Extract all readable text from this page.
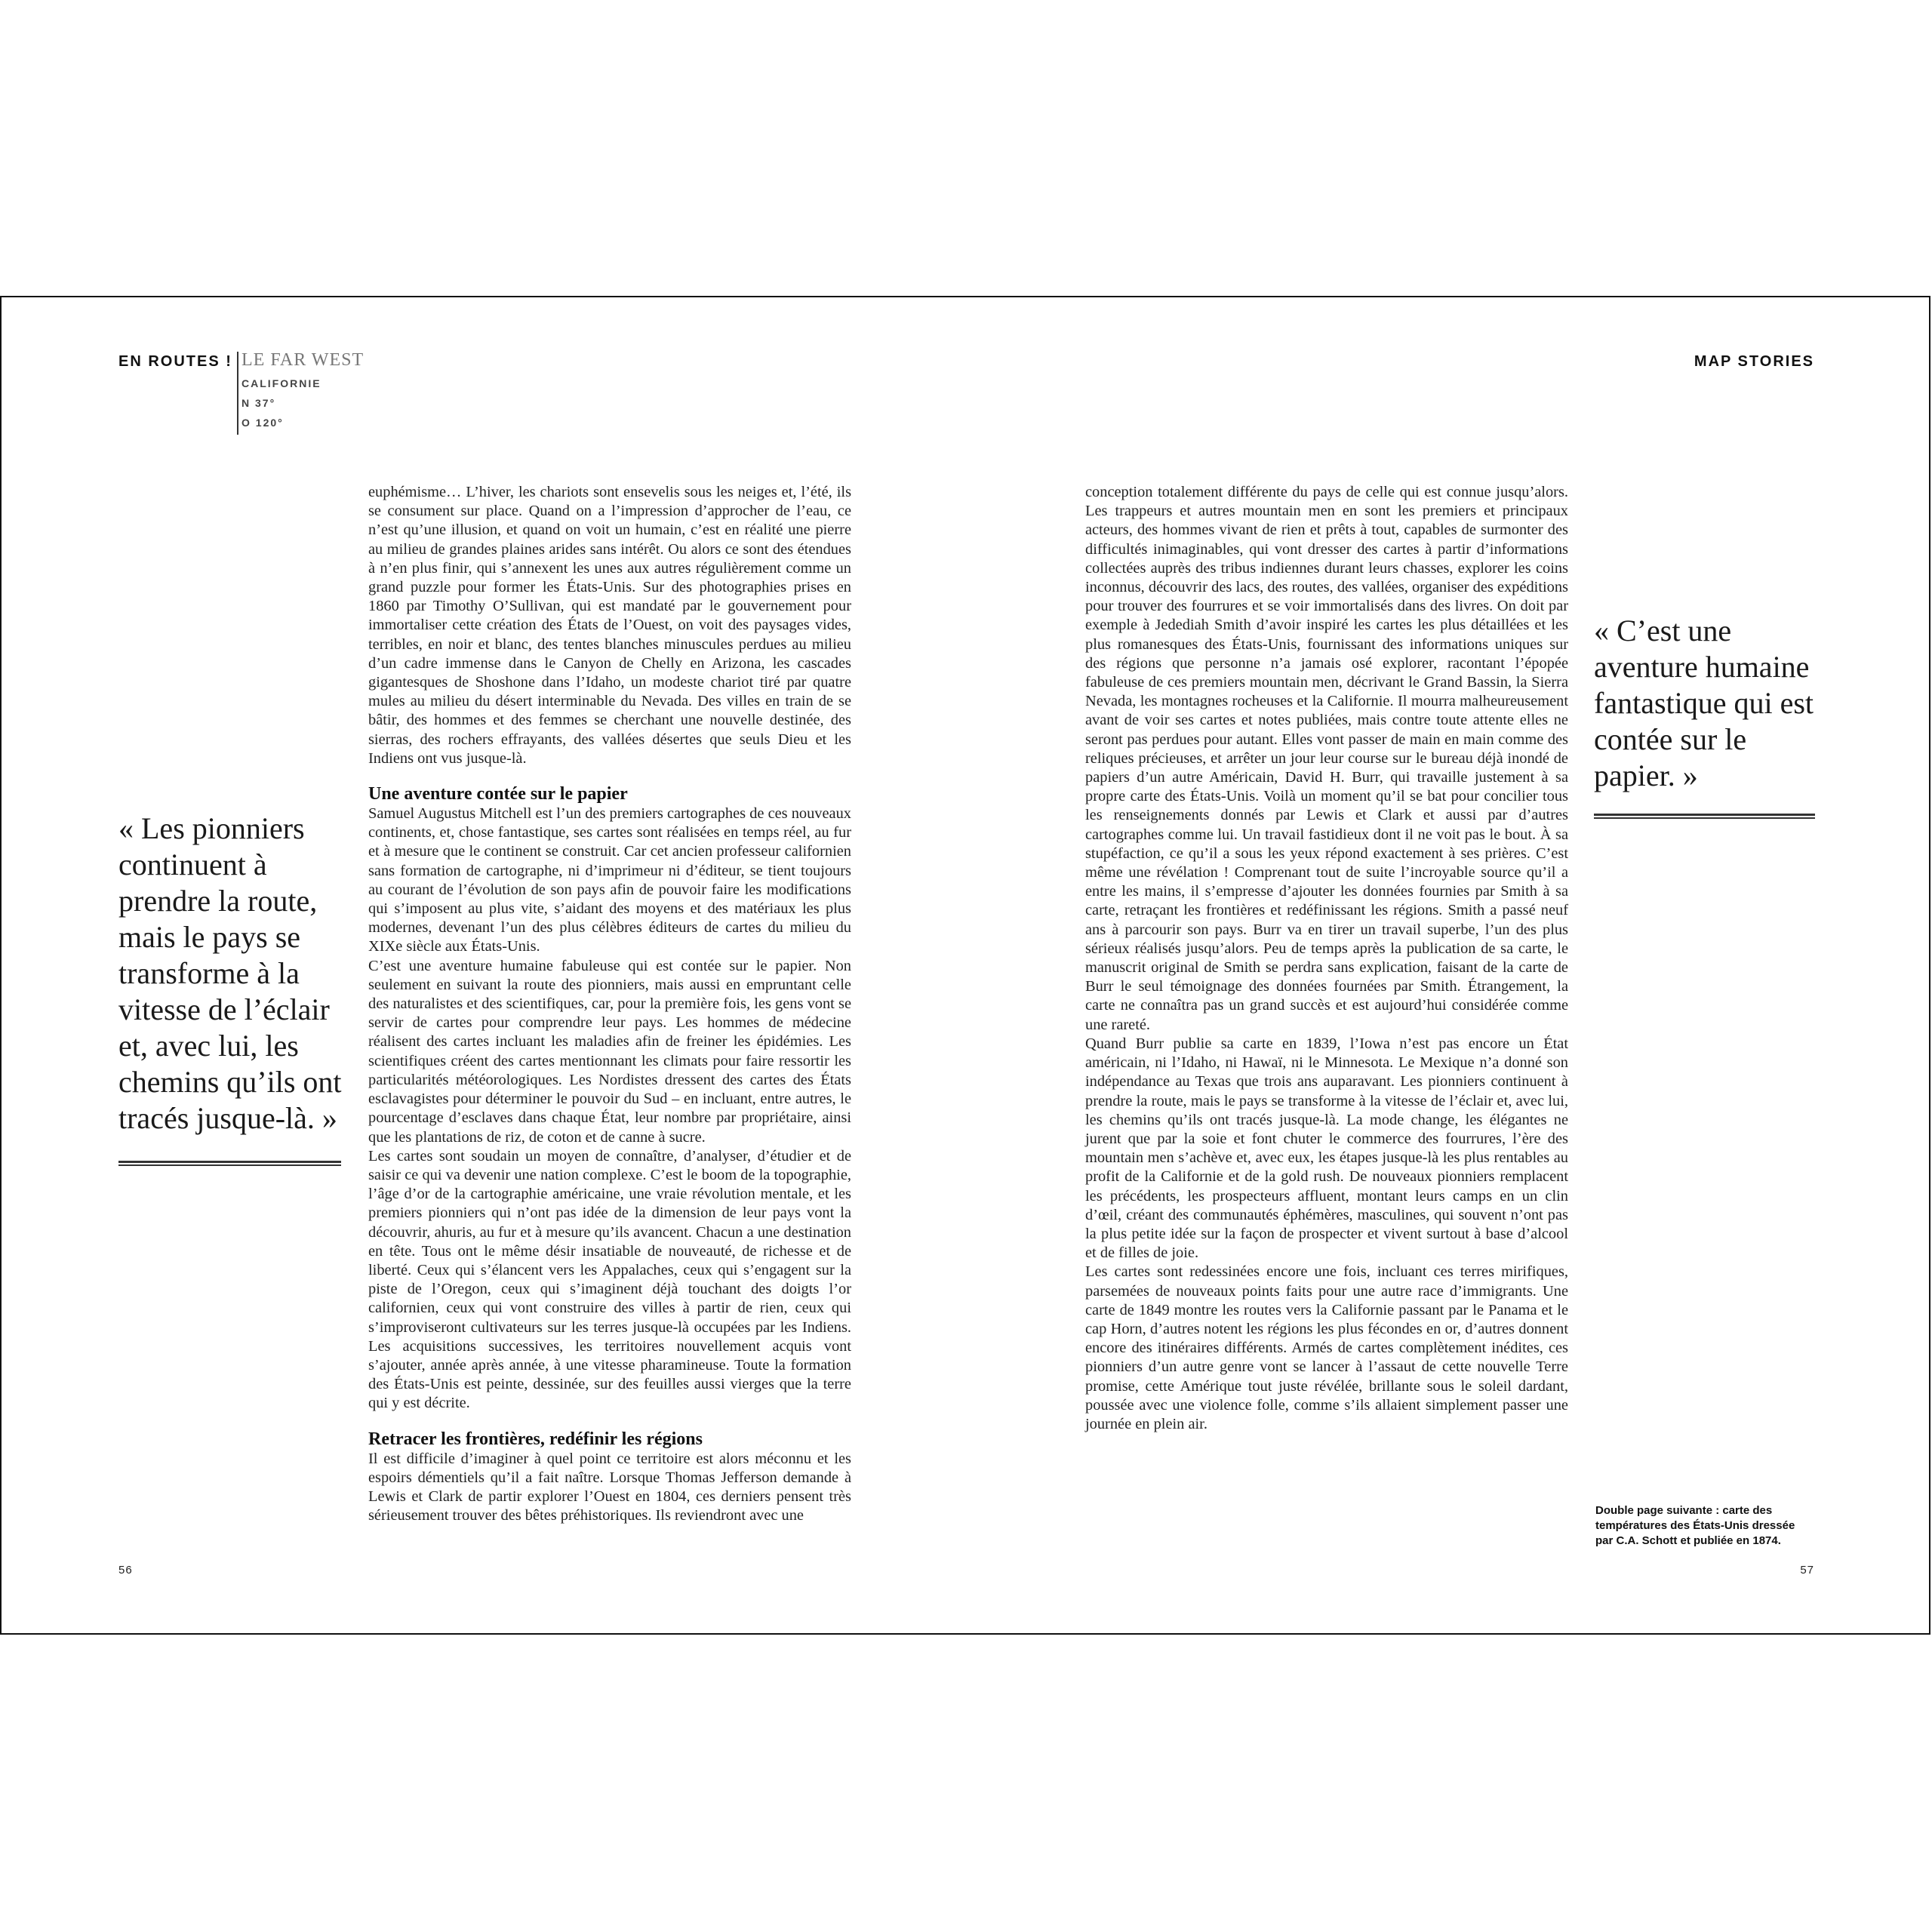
EN ROUTES ! LE FAR WEST
CALIFORNIE
N 37°
O 120°
MAP STORIES
« Les pionniers continuent à prendre la route, mais le pays se transforme à la vitesse de l’éclair et, avec lui, les chemins qu’ils ont tracés jusque-là. »

euphémisme… L’hiver, les chariots sont ensevelis sous les neiges et, l’été, ils se consument sur place. Quand on a l’impression d’approcher de l’eau, ce n’est qu’une illusion, et quand on voit un humain, c’est en réalité une pierre au milieu de grandes plaines arides sans intérêt. Ou alors ce sont des étendues à n’en plus finir, qui s’annexent les unes aux autres régulièrement comme un grand puzzle pour former les États-Unis. Sur des photographies prises en 1860 par Timothy O’Sullivan, qui est mandaté par le gouvernement pour immortaliser cette création des États de l’Ouest, on voit des paysages vides, terribles, en noir et blanc, des tentes blanches minuscules perdues au milieu d’un cadre immense dans le Canyon de Chelly en Arizona, les cascades gigantesques de Shoshone dans l’Idaho, un modeste chariot tiré par quatre mules au milieu du désert interminable du Nevada. Des villes en train de se bâtir, des hommes et des femmes se cherchant une nouvelle destinée, des sierras, des rochers effrayants, des vallées désertes que seuls Dieu et les Indiens ont vus jusque-là.

Une aventure contée sur le papier

Samuel Augustus Mitchell est l’un des premiers cartographes de ces nouveaux continents, et, chose fantastique, ses cartes sont réalisées en temps réel, au fur et à mesure que le continent se construit. Car cet ancien professeur californien sans formation de cartographe, ni d’imprimeur ni d’éditeur, se tient toujours au courant de l’évolution de son pays afin de pouvoir faire les modifications qui s’imposent au plus vite, s’aidant des moyens et des matériaux les plus modernes, devenant l’un des plus célèbres éditeurs de cartes du milieu du XIXe siècle aux États-Unis.

C’est une aventure humaine fabuleuse qui est contée sur le papier. Non seulement en suivant la route des pionniers, mais aussi en empruntant celle des naturalistes et des scientifiques, car, pour la première fois, les gens vont se servir de cartes pour comprendre leur pays. Les hommes de médecine réalisent des cartes incluant les maladies afin de freiner les épidémies. Les scientifiques créent des cartes mentionnant les climats pour faire ressortir les particularités météorologiques. Les Nordistes dressent des cartes des États esclavagistes pour déterminer le pouvoir du Sud – en incluant, entre autres, le pourcentage d’esclaves dans chaque État, leur nombre par propriétaire, ainsi que les plantations de riz, de coton et de canne à sucre.

Les cartes sont soudain un moyen de connaître, d’analyser, d’étudier et de saisir ce qui va devenir une nation complexe. C’est le boom de la topographie, l’âge d’or de la cartographie américaine, une vraie révolution mentale, et les premiers pionniers qui n’ont pas idée de la dimension de leur pays vont la découvrir, ahuris, au fur et à mesure qu’ils avancent. Chacun a une destination en tête. Tous ont le même désir insatiable de nouveauté, de richesse et de liberté. Ceux qui s’élancent vers les Appalaches, ceux qui s’engagent sur la piste de l’Oregon, ceux qui s’imaginent déjà touchant des doigts l’or californien, ceux qui vont construire des villes à partir de rien, ceux qui s’improviseront cultivateurs sur les terres jusque-là occupées par les Indiens. Les acquisitions successives, les territoires nouvellement acquis vont s’ajouter, année après année, à une vitesse pharamineuse. Toute la formation des États-Unis est peinte, dessinée, sur des feuilles aussi vierges que la terre qui y est décrite.

Retracer les frontières, redéfinir les régions

Il est difficile d’imaginer à quel point ce territoire est alors méconnu et les espoirs démentiels qu’il a fait naître. Lorsque Thomas Jefferson demande à Lewis et Clark de partir explorer l’Ouest en 1804, ces derniers pensent très sérieusement trouver des bêtes préhistoriques. Ils reviendront avec une

conception totalement différente du pays de celle qui est connue jusqu’alors. Les trappeurs et autres mountain men en sont les premiers et principaux acteurs, des hommes vivant de rien et prêts à tout, capables de surmonter des difficultés inimaginables, qui vont dresser des cartes à partir d’informations collectées auprès des tribus indiennes durant leurs chasses, explorer les coins inconnus, découvrir des lacs, des routes, des vallées, organiser des expéditions pour trouver des fourrures et se voir immortalisés dans des livres. On doit par exemple à Jedediah Smith d’avoir inspiré les cartes les plus détaillées et les plus romanesques des États-Unis, fournissant des informations uniques sur des régions que personne n’a jamais osé explorer, racontant l’épopée fabuleuse de ces premiers mountain men, décrivant le Grand Bassin, la Sierra Nevada, les montagnes rocheuses et la Californie. Il mourra malheureusement avant de voir ses cartes et notes publiées, mais contre toute attente elles ne seront pas perdues pour autant. Elles vont passer de main en main comme des reliques précieuses, et arrêter un jour leur course sur le bureau déjà inondé de papiers d’un autre Américain, David H. Burr, qui travaille justement à sa propre carte des États-Unis. Voilà un moment qu’il se bat pour concilier tous les renseignements donnés par Lewis et Clark et aussi par d’autres cartographes comme lui. Un travail fastidieux dont il ne voit pas le bout. À sa stupéfaction, ce qu’il a sous les yeux répond exactement à ses prières. C’est même une révélation ! Comprenant tout de suite l’incroyable source qu’il a entre les mains, il s’empresse d’ajouter les données fournies par Smith à sa carte, retraçant les frontières et redéfinissant les régions. Smith a passé neuf ans à parcourir son pays. Burr va en tirer un travail superbe, l’un des plus sérieux réalisés jusqu’alors. Peu de temps après la publication de sa carte, le manuscrit original de Smith se perdra sans explication, faisant de la carte de Burr le seul témoignage des données fournées par Smith. Étrangement, la carte ne connaîtra pas un grand succès et est aujourd’hui considérée comme une rareté.

Quand Burr publie sa carte en 1839, l’Iowa n’est pas encore un État américain, ni l’Idaho, ni Hawaï, ni le Minnesota. Le Mexique n’a donné son indépendance au Texas que trois ans auparavant. Les pionniers continuent à prendre la route, mais le pays se transforme à la vitesse de l’éclair et, avec lui, les chemins qu’ils ont tracés jusque-là. La mode change, les élégantes ne jurent que par la soie et font chuter le commerce des fourrures, l’ère des mountain men s’achève et, avec eux, les étapes jusque-là les plus rentables au profit de la Californie et de la gold rush. De nouveaux pionniers remplacent les précédents, les prospecteurs affluent, montant leurs camps en un clin d’œil, créant des communautés éphémères, masculines, qui souvent n’ont pas la plus petite idée sur la façon de prospecter et vivent surtout à base d’alcool et de filles de joie.

Les cartes sont redessinées encore une fois, incluant ces terres mirifiques, parsemées de nouveaux points faits pour une autre race d’immigrants. Une carte de 1849 montre les routes vers la Californie passant par le Panama et le cap Horn, d’autres notent les régions les plus fécondes en or, d’autres donnent encore des itinéraires différents. Armés de cartes complètement inédites, ces pionniers d’un autre genre vont se lancer à l’assaut de cette nouvelle Terre promise, cette Amérique tout juste révélée, brillante sous le soleil dardant, poussée avec une violence folle, comme s’ils allaient simplement passer une journée en plein air.

« C’est une aventure humaine fantastique qui est contée sur le papier. »
Double page suivante : carte des températures des États-Unis dressée par C.A. Schott et publiée en 1874.
56	57
